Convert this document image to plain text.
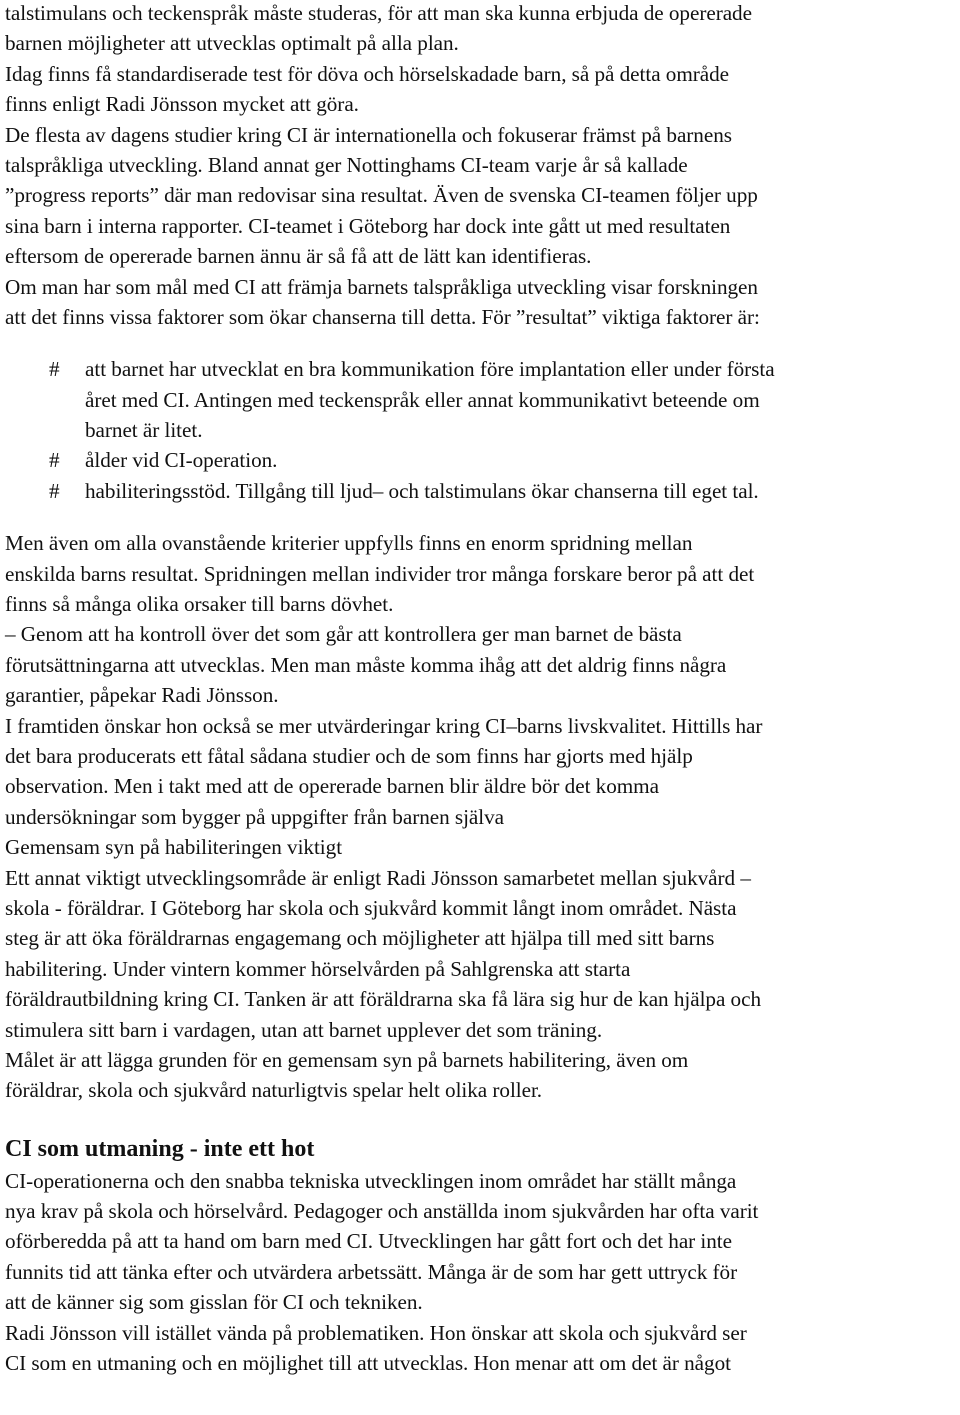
talstimulans och teckenspråk måste studeras, för att man ska kunna erbjuda de opererade
barnen möjligheter att utvecklas optimalt på alla plan.
Idag finns få standardiserade test för döva och hörselskadade barn, så på detta område
finns enligt Radi Jönsson mycket att göra.
De flesta av dagens studier kring CI är internationella och fokuserar främst på barnens
talspråkliga utveckling. Bland annat ger Nottinghams CI-team varje år så kallade
”progress reports” där man redovisar sina resultat. Även de svenska CI-teamen följer upp
sina barn i interna rapporter. CI-teamet i Göteborg har dock inte gått ut med resultaten
eftersom de opererade barnen ännu är så få att de lätt kan identifieras.
Om man har som mål med CI att främja barnets talspråkliga utveckling visar forskningen
att det finns vissa faktorer som ökar chanserna till detta. För ”resultat” viktiga faktorer är:
# att barnet har utvecklat en bra kommunikation före implantation eller under första
året med CI. Antingen med teckenspråk eller annat kommunikativt beteende om
barnet är litet.
# ålder vid CI-operation.
# habiliteringsstöd. Tillgång till ljud– och talstimulans ökar chanserna till eget tal.
Men även om alla ovanstående kriterier uppfylls finns en enorm spridning mellan
enskilda barns resultat. Spridningen mellan individer tror många forskare beror på att det
finns så många olika orsaker till barns dövhet.
– Genom att ha kontroll över det som går att kontrollera ger man barnet de bästa
förutsättningarna att utvecklas. Men man måste komma ihåg att det aldrig finns några
garantier, påpekar Radi Jönsson.
I framtiden önskar hon också se mer utvärderingar kring CI–barns livskvalitet. Hittills har
det bara producerats ett fåtal sådana studier och de som finns har gjorts med hjälp
observation. Men i takt med att de opererade barnen blir äldre bör det komma
undersökningar som bygger på uppgifter från barnen själva
Gemensam syn på habiliteringen viktigt
Ett annat viktigt utvecklingsområde är enligt Radi Jönsson samarbetet mellan sjukvård –
skola - föräldrar. I Göteborg har skola och sjukvård kommit långt inom området. Nästa
steg är att öka föräldrarnas engagemang och möjligheter att hjälpa till med sitt barns
habilitering. Under vintern kommer hörselvården på Sahlgrenska att starta
föräldrautbildning kring CI. Tanken är att föräldrarna ska få lära sig hur de kan hjälpa och
stimulera sitt barn i vardagen, utan att barnet upplever det som träning.
Målet är att lägga grunden för en gemensam syn på barnets habilitering, även om
föräldrar, skola och sjukvård naturligtvis spelar helt olika roller.
CI som utmaning - inte ett hot
CI-operationerna och den snabba tekniska utvecklingen inom området har ställt många
nya krav på skola och hörselvård. Pedagoger och anställda inom sjukvården har ofta varit
oförberedda på att ta hand om barn med CI. Utvecklingen har gått fort och det har inte
funnits tid att tänka efter och utvärdera arbetssätt. Många är de som har gett uttryck för
att de känner sig som gisslan för CI och tekniken.
Radi Jönsson vill istället vända på problematiken. Hon önskar att skola och sjukvård ser
CI som en utmaning och en möjlighet till att utvecklas. Hon menar att om det är något
